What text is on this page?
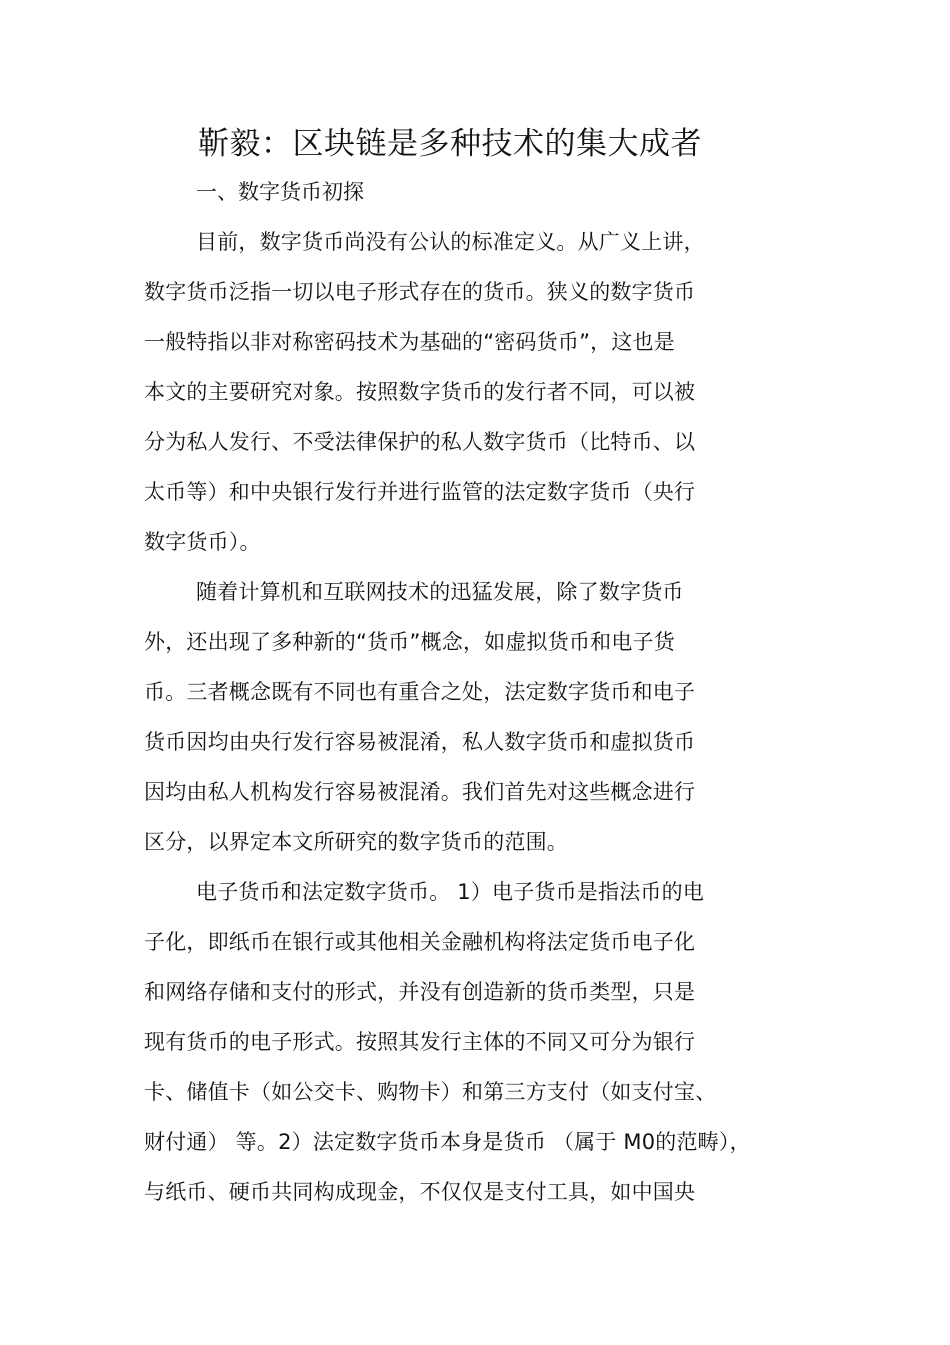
靳毅：区块链是多种技术的集大成者
一、数字货币初探
目前，数字货币尚没有公认的标准定义。从广义上讲，
数字货币泛指一切以电子形式存在的货币。狭义的数字货币
一般特指以非对称密码技术为基础的“密码货币”，这也是
本文的主要研究对象。按照数字货币的发行者不同，可以被
分为私人发行、不受法律保护的私人数字货币（比特币、以
太币等）和中央银行发行并进行监管的法定数字货币（央行
数字货币）。
随着计算机和互联网技术的迅猛发展，除了数字货币
外，还出现了多种新的“货币”概念，如虚拟货币和电子货
币。三者概念既有不同也有重合之处，法定数字货币和电子
货币因均由央行发行容易被混淆，私人数字货币和虚拟货币
因均由私人机构发行容易被混淆。我们首先对这些概念进行
区分，以界定本文所研究的数字货币的范围。
电子货币和法定数字货币。 1）电子货币是指法币的电
子化，即纸币在银行或其他相关金融机构将法定货币电子化
和网络存储和支付的形式，并没有创造新的货币类型，只是
现有货币的电子形式。按照其发行主体的不同又可分为银行
卡、储值卡（如公交卡、购物卡）和第三方支付（如支付宝、
财付通） 等。2）法定数字货币本身是货币 （属于 M0的范畴），
与纸币、硬币共同构成现金，不仅仅是支付工具，如中国央
